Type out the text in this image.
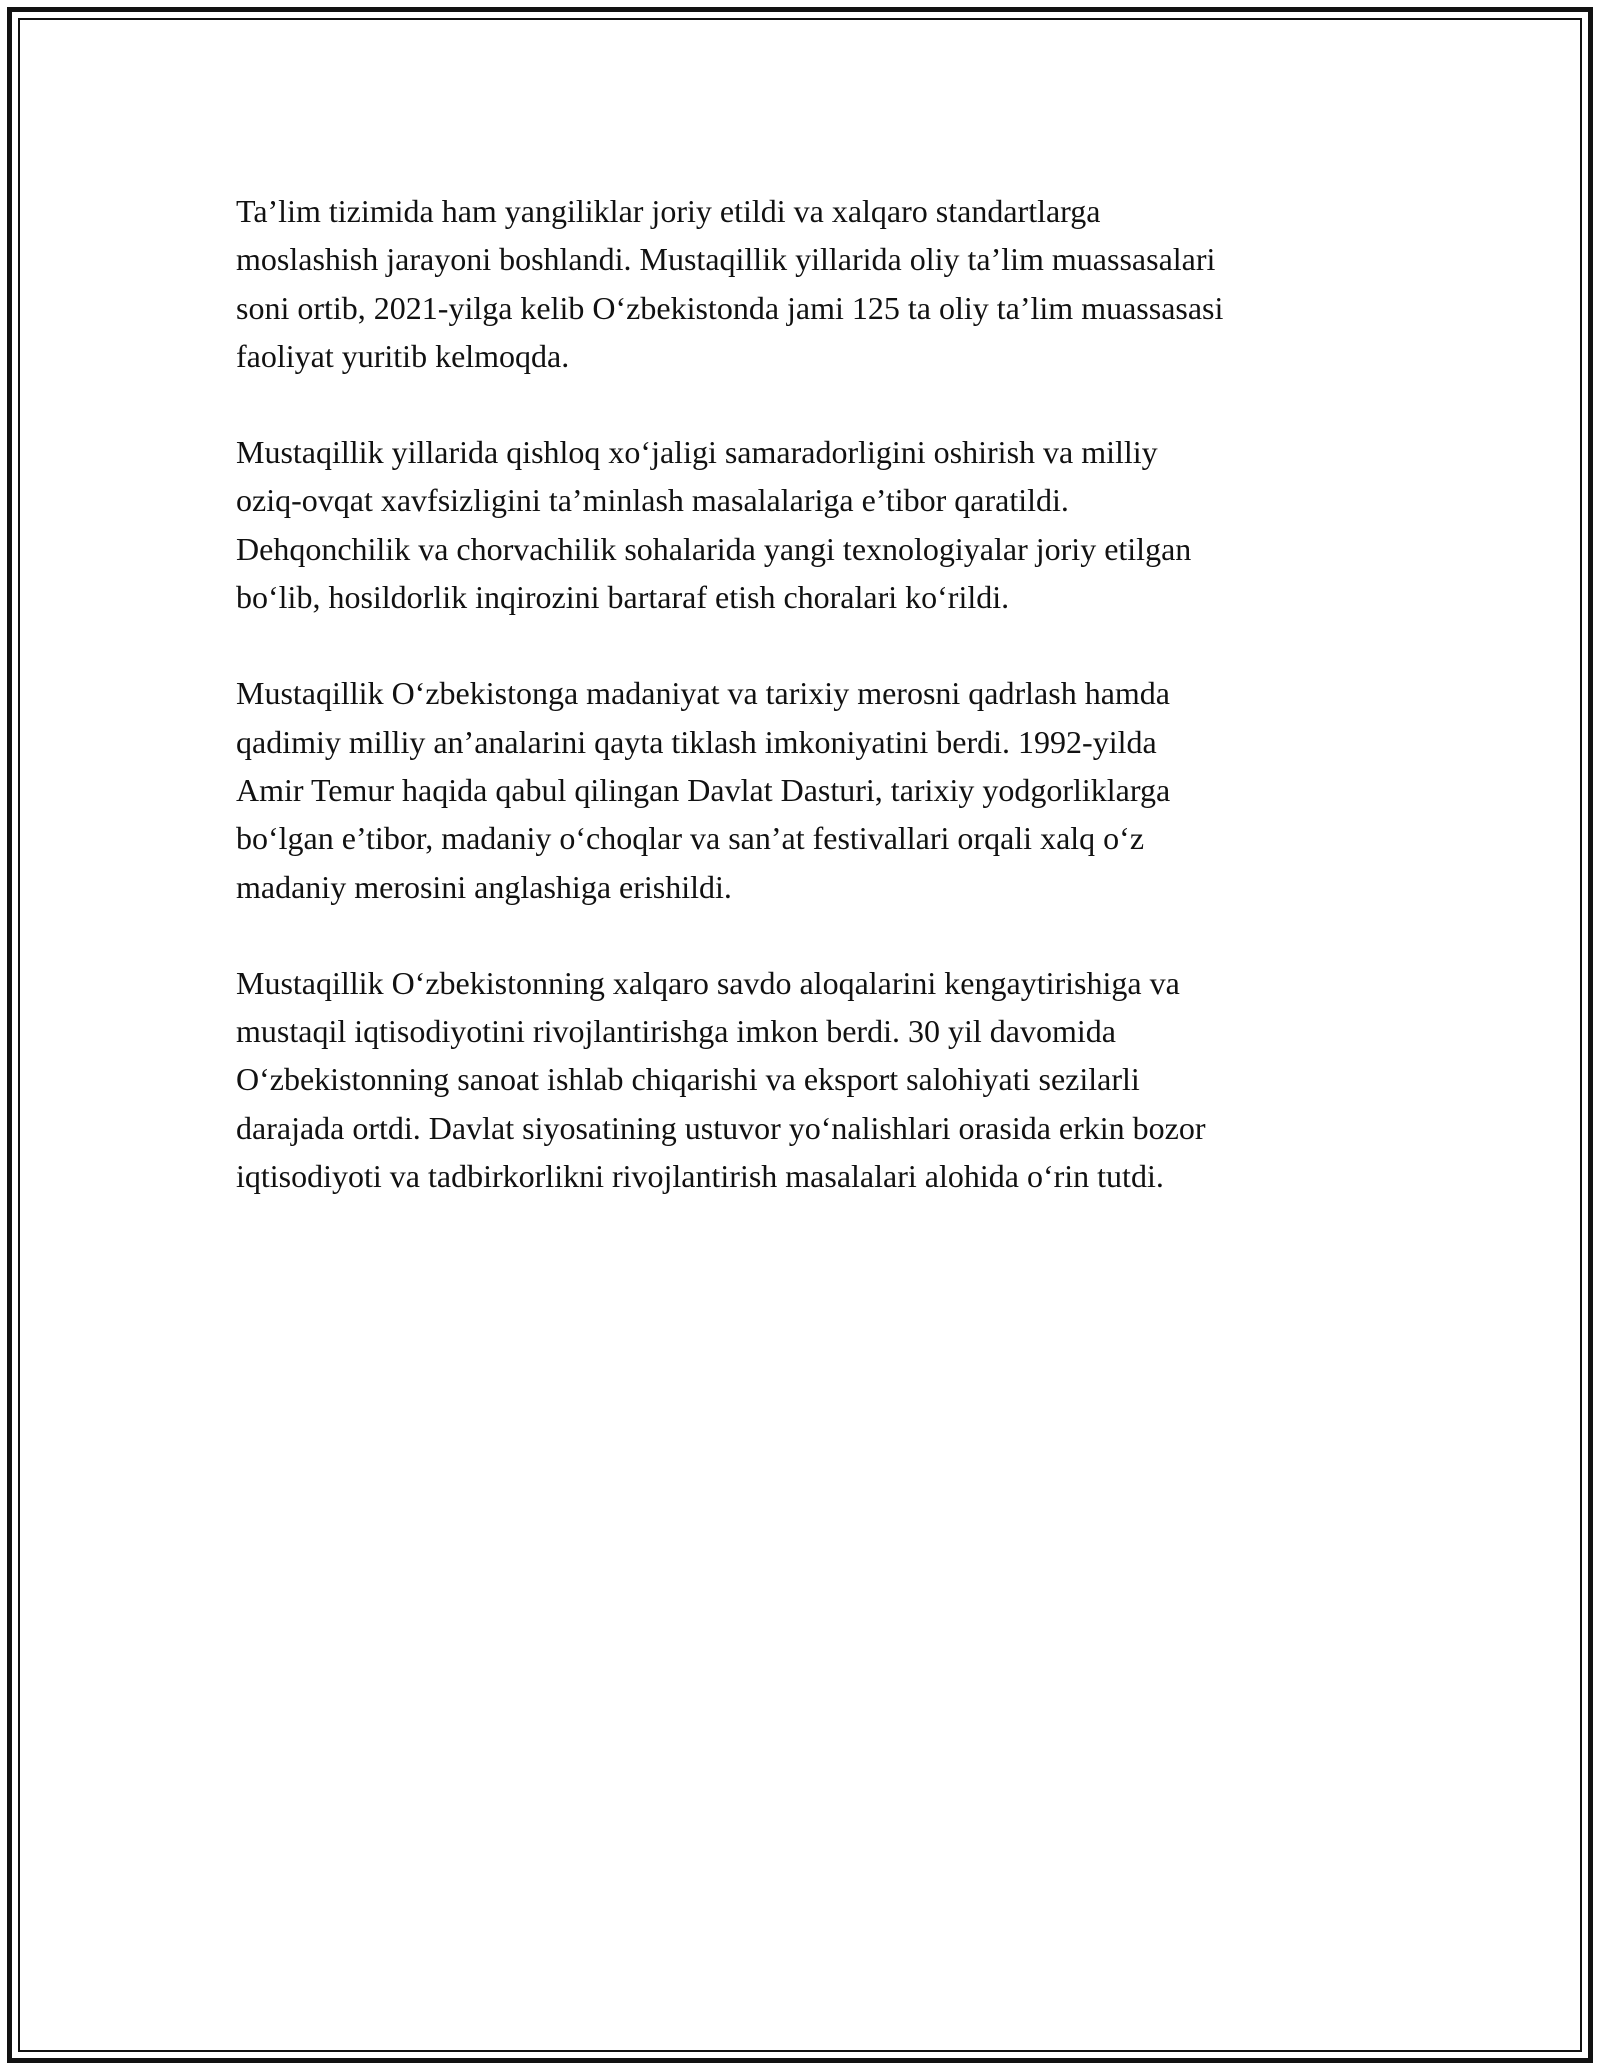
Ta’lim tizimida ham yangiliklar joriy etildi va xalqaro standartlarga
moslashish jarayoni boshlandi. Mustaqillik yillarida oliy ta’lim muassasalari
soni ortib, 2021-yilga kelib O‘zbekistonda jami 125 ta oliy ta’lim muassasasi
faoliyat yuritib kelmoqda.

Mustaqillik yillarida qishloq xo‘jaligi samaradorligini oshirish va milliy
oziq-ovqat xavfsizligini ta’minlash masalalariga e’tibor qaratildi.
Dehqonchilik va chorvachilik sohalarida yangi texnologiyalar joriy etilgan
bo‘lib, hosildorlik inqirozini bartaraf etish choralari ko‘rildi.

Mustaqillik O‘zbekistonga madaniyat va tarixiy merosni qadrlash hamda
qadimiy milliy an’analarini qayta tiklash imkoniyatini berdi. 1992-yilda
Amir Temur haqida qabul qilingan Davlat Dasturi, tarixiy yodgorliklarga
bo‘lgan e’tibor, madaniy o‘choqlar va san’at festivallari orqali xalq o‘z
madaniy merosini anglashiga erishildi.

Mustaqillik O‘zbekistonning xalqaro savdo aloqalarini kengaytirishiga va
mustaqil iqtisodiyotini rivojlantirishga imkon berdi. 30 yil davomida
O‘zbekistonning sanoat ishlab chiqarishi va eksport salohiyati sezilarli
darajada ortdi. Davlat siyosatining ustuvor yo‘nalishlari orasida erkin bozor
iqtisodiyoti va tadbirkorlikni rivojlantirish masalalari alohida o‘rin tutdi.
